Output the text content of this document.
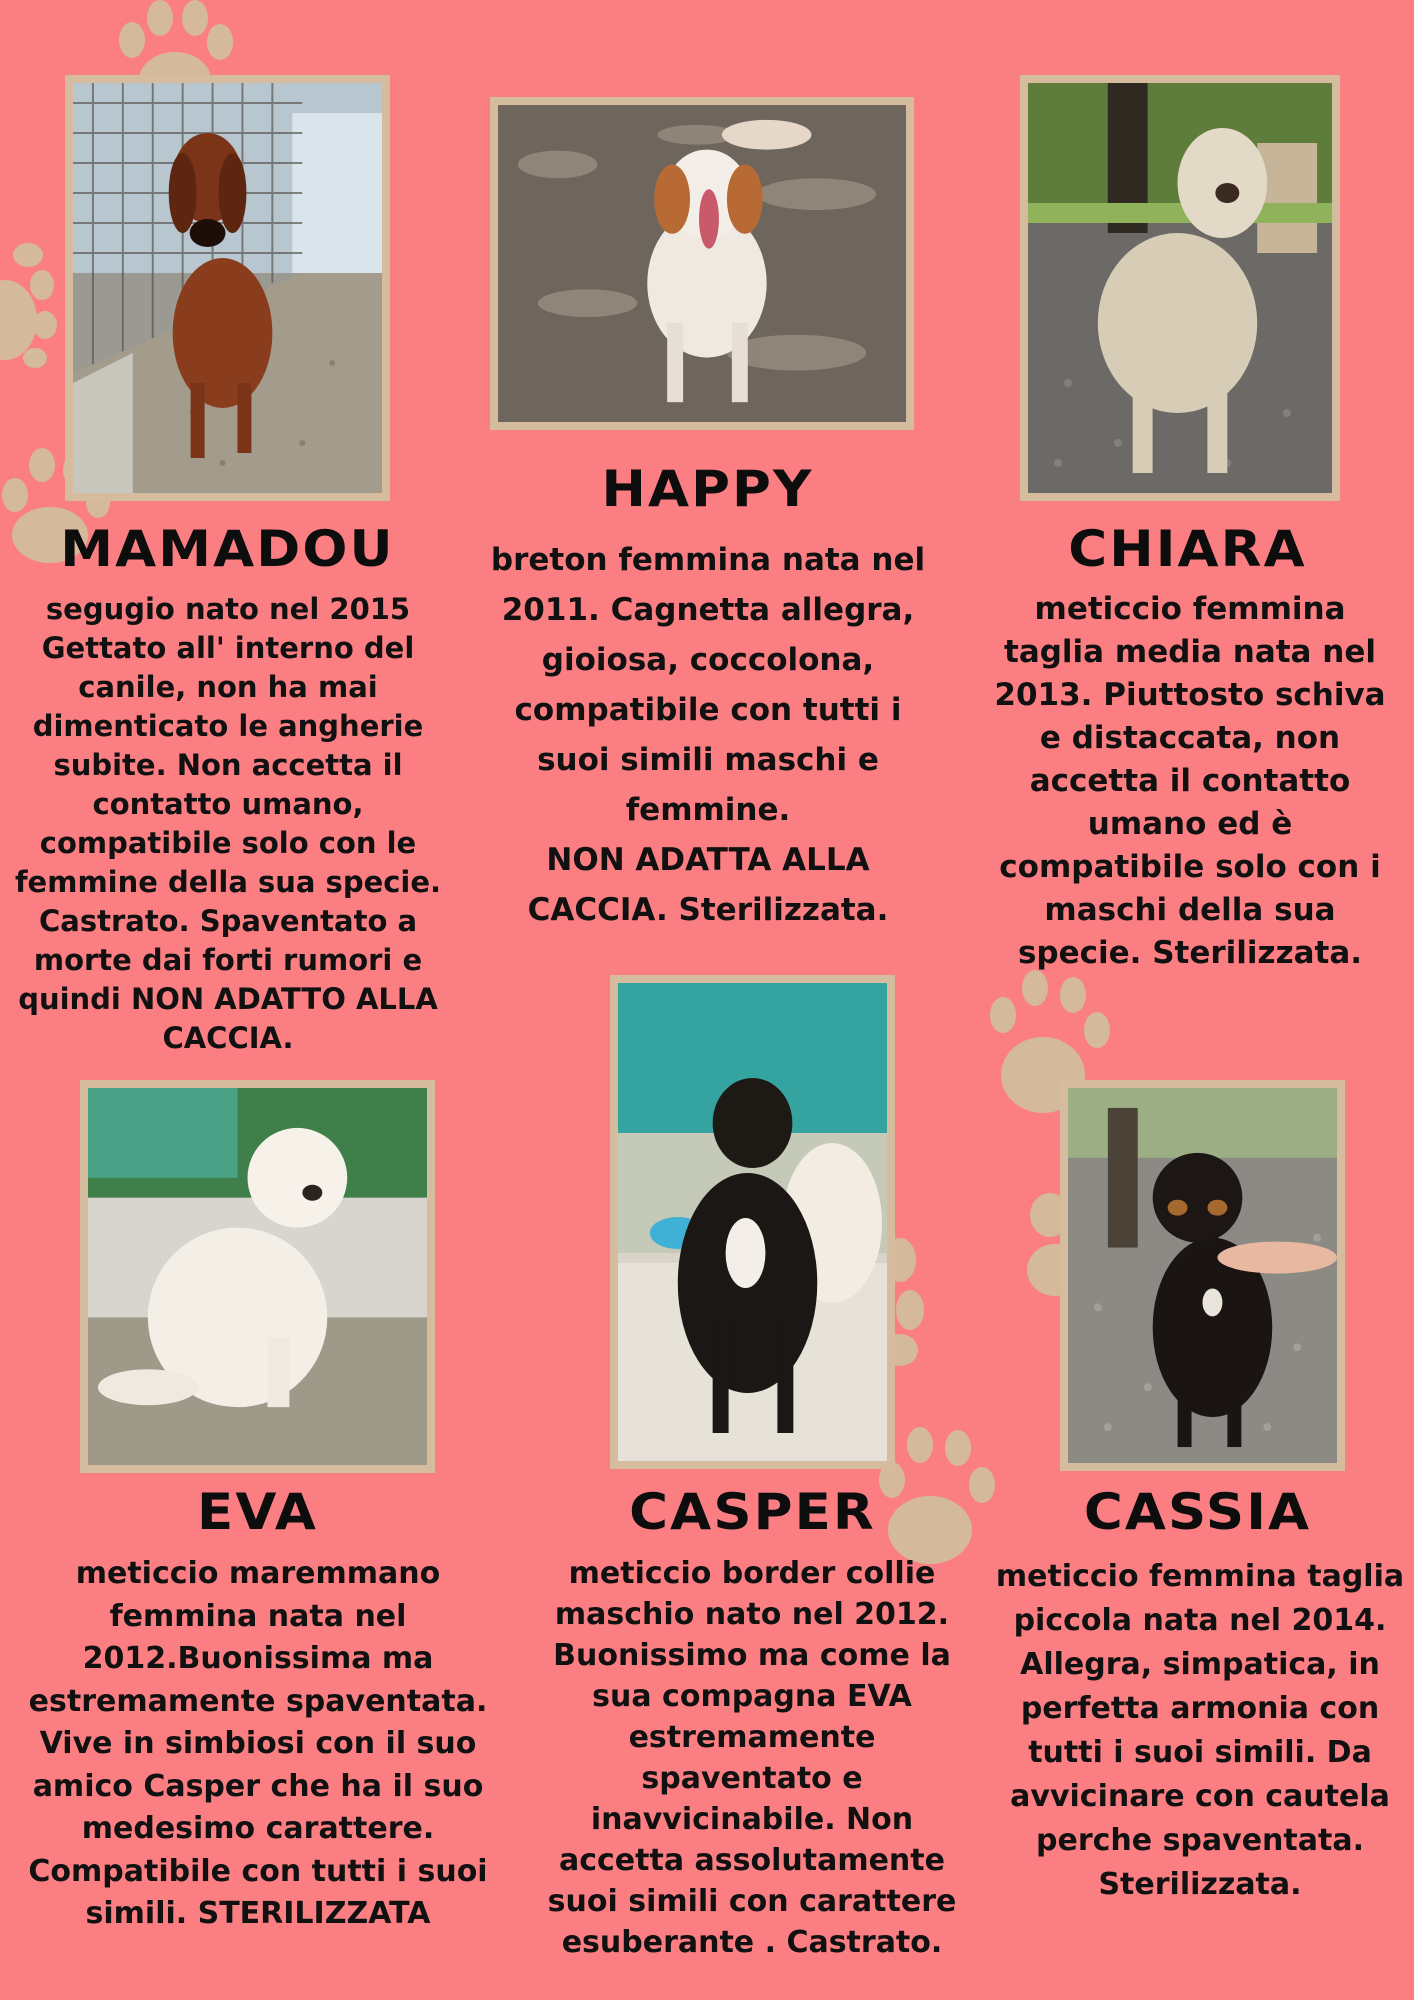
MAMADOU
HAPPY
CHIARA
EVA	CASPER	CASSIA
segugio nato nel 2015 Gettato all' interno del canile, non ha mai dimenticato le angherie subite. Non accetta il contatto umano, compatibile solo con le femmine della sua specie. Castrato. Spaventato a morte dai forti rumori e quindi NON ADATTO ALLA CACCIA.

breton femmina nata nel 2011. Cagnetta allegra, gioiosa, coccolona, compatibile con tutti i suoi simili maschi e femmine.

NON ADATTA ALLA CACCIA. Sterilizzata.

meticcio femmina taglia media nata nel 2013. Piuttosto schiva e distaccata, non accetta il contatto umano ed è compatibile solo con i maschi della sua specie. Sterilizzata.
meticcio maremmano femmina nata nel 2012.Buonissima ma estremamente spaventata. Vive in simbiosi con il suo amico Casper che ha il suo medesimo carattere. Compatibile con tutti i suoi simili. STERILIZZATA
meticcio border collie maschio nato nel 2012. Buonissimo ma come la sua compagna EVA estremamente spaventato e inavvicinabile. Non accetta assolutamente suoi simili con carattere esuberante . Castrato.
meticcio femmina taglia piccola nata nel 2014. Allegra, simpatica, in perfetta armonia con tutti i suoi simili. Da avvicinare con cautela perche spaventata. Sterilizzata.
